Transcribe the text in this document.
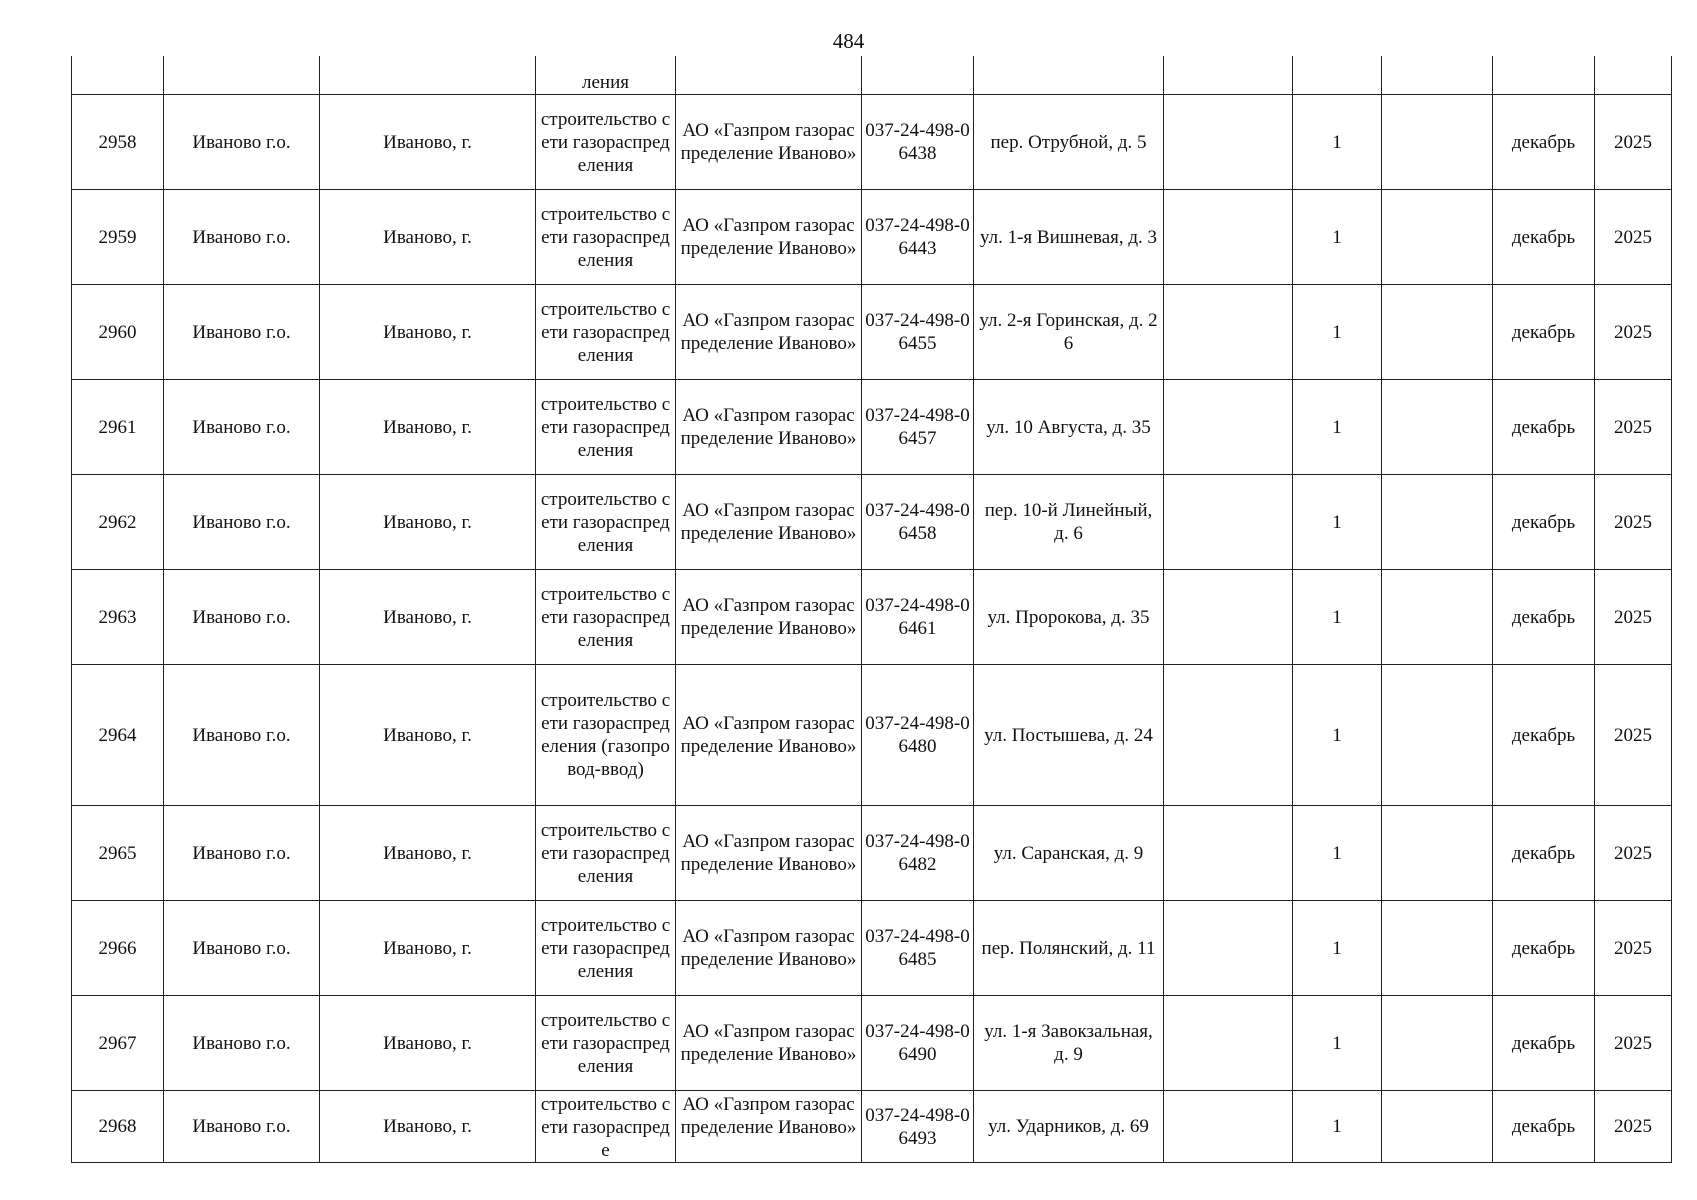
484
			ления								
2958	Иваново г.о.	Иваново, г.	строительство сети газораспределения	АО «Газпром газораспределение Иваново»	037-24-498-06438	пер. Отрубной, д. 5		1		декабрь	2025
2959	Иваново г.о.	Иваново, г.	строительство сети газораспределения	АО «Газпром газораспределение Иваново»	037-24-498-06443	ул. 1-я Вишневая, д. 3		1		декабрь	2025
2960	Иваново г.о.	Иваново, г.	строительство сети газораспределения	АО «Газпром газораспределение Иваново»	037-24-498-06455	ул. 2-я Горинская, д. 26		1		декабрь	2025
2961	Иваново г.о.	Иваново, г.	строительство сети газораспределения	АО «Газпром газораспределение Иваново»	037-24-498-06457	ул. 10 Августа, д. 35		1		декабрь	2025
2962	Иваново г.о.	Иваново, г.	строительство сети газораспределения	АО «Газпром газораспределение Иваново»	037-24-498-06458	пер. 10-й Линейный, д. 6		1		декабрь	2025
2963	Иваново г.о.	Иваново, г.	строительство сети газораспределения	АО «Газпром газораспределение Иваново»	037-24-498-06461	ул. Пророкова, д. 35		1		декабрь	2025
2964	Иваново г.о.	Иваново, г.	строительство сети газораспределения (газопровод-ввод)	АО «Газпром газораспределение Иваново»	037-24-498-06480	ул. Постышева, д. 24		1		декабрь	2025
2965	Иваново г.о.	Иваново, г.	строительство сети газораспределения	АО «Газпром газораспределение Иваново»	037-24-498-06482	ул. Саранская, д. 9		1		декабрь	2025
2966	Иваново г.о.	Иваново, г.	строительство сети газораспределения	АО «Газпром газораспределение Иваново»	037-24-498-06485	пер. Полянский, д. 11		1		декабрь	2025
2967	Иваново г.о.	Иваново, г.	строительство сети газораспределения	АО «Газпром газораспределение Иваново»	037-24-498-06490	ул. 1-я Завокзальная, д. 9		1		декабрь	2025
2968	Иваново г.о.	Иваново, г.	строительство сети газораспреде	АО «Газпром газораспределение Иваново»	037-24-498-06493	ул. Ударников, д. 69		1		декабрь	2025
